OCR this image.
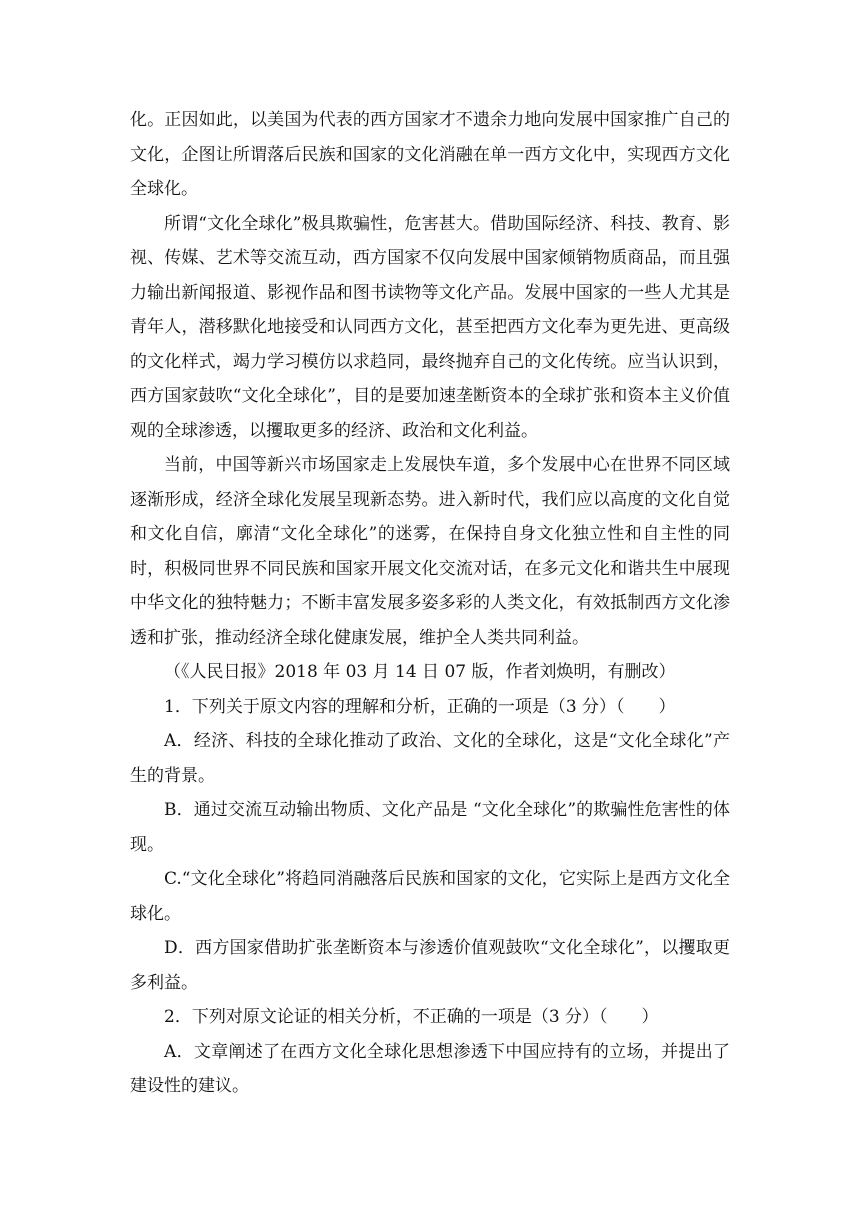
化。正因如此，以美国为代表的西方国家才不遗余力地向发展中国家推广自己的文化，企图让所谓落后民族和国家的文化消融在单一西方文化中，实现西方文化全球化。

所谓“文化全球化”极具欺骗性，危害甚大。借助国际经济、科技、教育、影视、传媒、艺术等交流互动，西方国家不仅向发展中国家倾销物质商品，而且强力输出新闻报道、影视作品和图书读物等文化产品。发展中国家的一些人尤其是青年人，潜移默化地接受和认同西方文化，甚至把西方文化奉为更先进、更高级的文化样式，竭力学习模仿以求趋同，最终抛弃自己的文化传统。应当认识到，西方国家鼓吹“文化全球化”，目的是要加速垄断资本的全球扩张和资本主义价值观的全球渗透，以攫取更多的经济、政治和文化利益。

当前，中国等新兴市场国家走上发展快车道，多个发展中心在世界不同区域逐渐形成，经济全球化发展呈现新态势。进入新时代，我们应以高度的文化自觉和文化自信，廓清“文化全球化”的迷雾，在保持自身文化独立性和自主性的同时，积极同世界不同民族和国家开展文化交流对话，在多元文化和谐共生中展现中华文化的独特魅力；不断丰富发展多姿多彩的人类文化，有效抵制西方文化渗透和扩张，推动经济全球化健康发展，维护全人类共同利益。

（《人民日报》2018 年 03 月 14 日 07 版，作者刘焕明，有删改）

1．下列关于原文内容的理解和分析，正确的一项是（3 分）（　　）

A．经济、科技的全球化推动了政治、文化的全球化，这是“文化全球化”产生的背景。

B．通过交流互动输出物质、文化产品是 “文化全球化”的欺骗性危害性的体现。

C.“文化全球化”将趋同消融落后民族和国家的文化，它实际上是西方文化全球化。

D．西方国家借助扩张垄断资本与渗透价值观鼓吹“文化全球化”，以攫取更多利益。

2．下列对原文论证的相关分析，不正确的一项是（3 分）（　　）

A．文章阐述了在西方文化全球化思想渗透下中国应持有的立场，并提出了建设性的建议。
